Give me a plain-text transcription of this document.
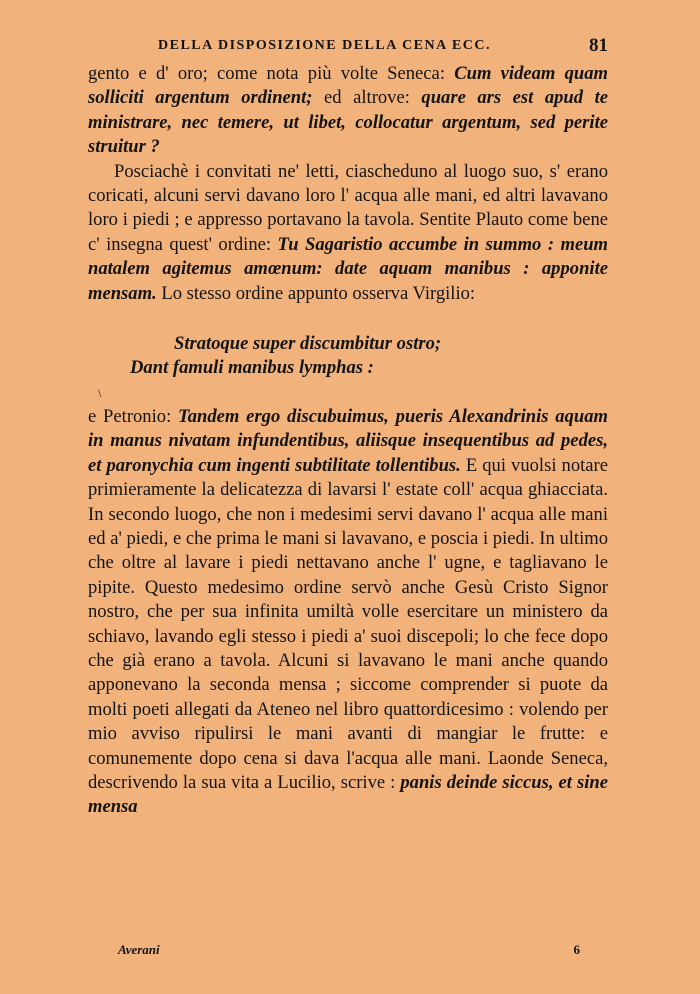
DELLA DISPOSIZIONE DELLA CENA ECC.	81
gento e d' oro; come nota più volte Seneca: Cum videam quam solliciti argentum ordinent; ed altrove: quare ars est apud te ministrare, nec temere, ut libet, collocatur argentum, sed perite struitur ?
Posciachè i convitati ne' letti, ciascheduno al luogo suo, s' erano coricati, alcuni servi davano loro l' acqua alle mani, ed altri lavavano loro i piedi ; e appresso portavano la tavola. Sentite Plauto come bene c' insegna quest' ordine: Tu Sagaristio accumbe in summo : meum natalem agitemus amœnum: date aquam manibus : apponite mensam. Lo stesso ordine appunto osserva Virgilio:
Stratoque super discumbitur ostro;
Dant famuli manibus lymphas :
\
e Petronio: Tandem ergo discubuimus, pueris Alexandrinis aquam in manus nivatam infundentibus, aliisque insequentibus ad pedes, et paronychia cum ingenti subtilitate tollentibus. E qui vuolsi notare primieramente la delicatezza di lavarsi l' estate coll' acqua ghiacciata. In secondo luogo, che non i medesimi servi davano l' acqua alle mani ed a' piedi, e che prima le mani si lavavano, e poscia i piedi. In ultimo che oltre al lavare i piedi nettavano anche l' ugne, e tagliavano le pipite. Questo medesimo ordine servò anche Gesù Cristo Signor nostro, che per sua infinita umiltà volle esercitare un ministero da schiavo, lavando egli stesso i piedi a' suoi discepoli; lo che fece dopo che già erano a tavola. Alcuni si lavavano le mani anche quando apponevano la seconda mensa ; siccome comprender si puote da molti poeti allegati da Ateneo nel libro quattordicesimo : volendo per mio avviso ripulirsi le mani avanti di mangiar le frutte: e comunemente dopo cena si dava l'acqua alle mani. Laonde Seneca, descrivendo la sua vita a Lucilio, scrive : panis deinde siccus, et sine mensa
Averani	6
